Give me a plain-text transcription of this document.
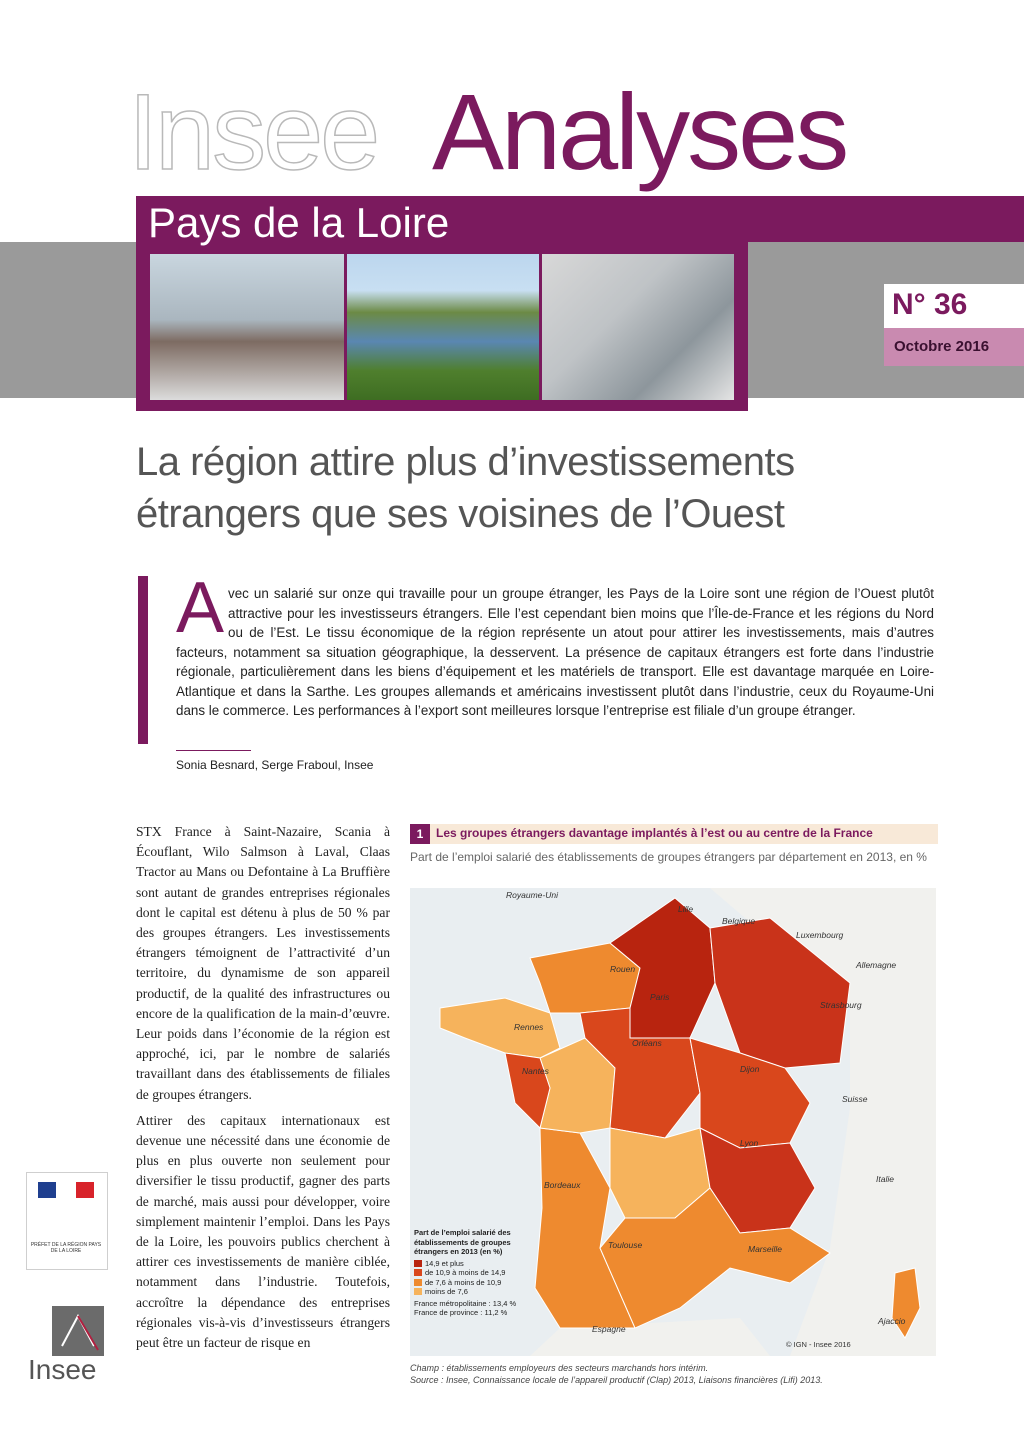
Insee Analyses
Pays de la Loire
N° 36
Octobre 2016
La région attire plus d’investissements étrangers que ses voisines de l’Ouest
A vec un salarié sur onze qui travaille pour un groupe étranger, les Pays de la Loire sont une région de l’Ouest plutôt attractive pour les investisseurs étrangers. Elle l’est cependant bien moins que l’Île-de-France et les régions du Nord ou de l’Est. Le tissu économique de la région représente un atout pour attirer les investissements, mais d’autres facteurs, notamment sa situation géographique, la desservent. La présence de capitaux étrangers est forte dans l’industrie régionale, particulièrement dans les biens d’équipement et les matériels de transport. Elle est davantage marquée en Loire-Atlantique et dans la Sarthe. Les groupes allemands et américains investissent plutôt dans l’industrie, ceux du Royaume-Uni dans le commerce. Les performances à l’export sont meilleures lorsque l’entreprise est filiale d’un groupe étranger.
Sonia Besnard, Serge Fraboul, Insee

STX France à Saint-Nazaire, Scania à Écouflant, Wilo Salmson à Laval, Claas Tractor au Mans ou Defontaine à La Bruffière sont autant de grandes entreprises régionales dont le capital est détenu à plus de 50 % par des groupes étrangers. Les investissements étrangers témoignent de l’attractivité d’un territoire, du dynamisme de son appareil productif, de la qualité des infrastructures ou encore de la qualification de la main-d’œuvre. Leur poids dans l’économie de la région est approché, ici, par le nombre de salariés travaillant dans des établissements de filiales de groupes étrangers.

Attirer des capitaux internationaux est devenue une nécessité dans une économie de plus en plus ouverte non seulement pour diversifier le tissu productif, gagner des parts de marché, mais aussi pour développer, voire simplement maintenir l’emploi. Dans les Pays de la Loire, les pouvoirs publics cherchent à attirer ces investissements de manière ciblée, notamment dans l’industrie. Toutefois, accroître la dépendance des entreprises régionales vis-à-vis d’investisseurs étrangers peut être un facteur de risque en

PRÉFET DE LA RÉGION PAYS DE LA LOIRE
Insee
1	Les groupes étrangers davantage implantés à l’est ou au centre de la France
Part de l’emploi salarié des établissements de groupes étrangers par département en 2013, en %
Royaume-Uni
Lille
Belgique
Luxembourg
Allemagne
Rouen
Paris
Strasbourg
Rennes
Orléans
Nantes	Dijon
Suisse
Lyon
Italie
Bordeaux
Toulouse	Marseille
Espagne
Ajaccio
© IGN - Insee 2016
Part de l’emploi salarié des établissements de groupes étrangers en 2013 (en %)
14,9 et plus
de 10,9 à moins de 14,9
de 7,6 à moins de 10,9
moins de 7,6
France métropolitaine : 13,4 %
France de province : 11,2 %
Champ : établissements employeurs des secteurs marchands hors intérim.
Source : Insee, Connaissance locale de l’appareil productif (Clap) 2013, Liaisons financières (Lifi) 2013.
